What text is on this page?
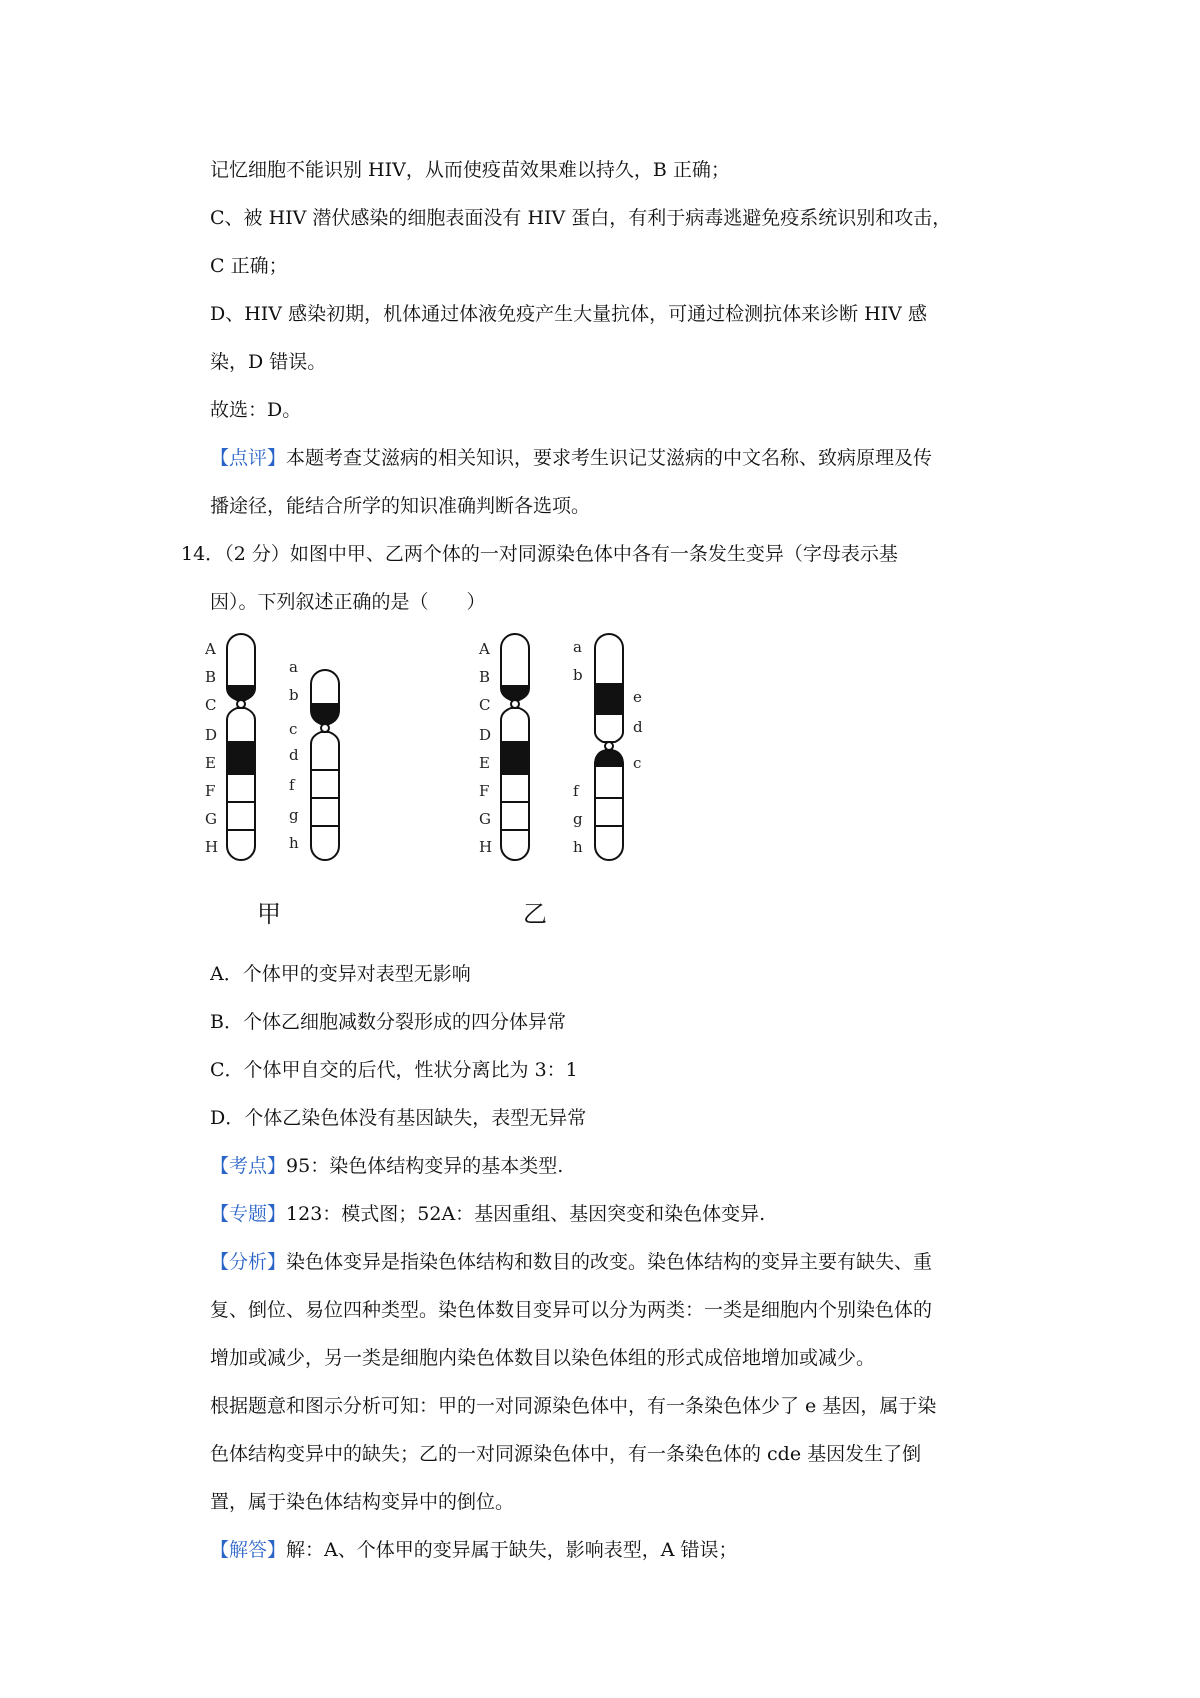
记忆细胞不能识别 HIV，从而使疫苗效果难以持久，B 正确；
C、被 HIV 潜伏感染的细胞表面没有 HIV 蛋白，有利于病毒逃避免疫系统识别和攻击，
C 正确；
D、HIV 感染初期，机体通过体液免疫产生大量抗体，可通过检测抗体来诊断 HIV 感
染，D 错误。
故选：D。
【点评】本题考查艾滋病的相关知识，要求考生识记艾滋病的中文名称、致病原理及传
播途径，能结合所学的知识准确判断各选项。
14．（2 分）如图中甲、乙两个体的一对同源染色体中各有一条发生变异（字母表示基
因）。下列叙述正确的是（　　）
A
B
C
D
E
F
G
H
a
b
c
d
f
g
h
甲
A
B
C
D
E
F
G
H
a
b
e
d
c
f
g
h
乙
A．个体甲的变异对表型无影响
B．个体乙细胞减数分裂形成的四分体异常
C．个体甲自交的后代，性状分离比为 3：1
D．个体乙染色体没有基因缺失，表型无异常
【考点】95：染色体结构变异的基本类型.
【专题】123：模式图；52A：基因重组、基因突变和染色体变异.
【分析】染色体变异是指染色体结构和数目的改变。染色体结构的变异主要有缺失、重
复、倒位、易位四种类型。染色体数目变异可以分为两类：一类是细胞内个别染色体的
增加或减少，另一类是细胞内染色体数目以染色体组的形式成倍地增加或减少。
根据题意和图示分析可知：甲的一对同源染色体中，有一条染色体少了 e 基因，属于染
色体结构变异中的缺失；乙的一对同源染色体中，有一条染色体的 cde 基因发生了倒
置，属于染色体结构变异中的倒位。
【解答】解：A、个体甲的变异属于缺失，影响表型，A 错误；
